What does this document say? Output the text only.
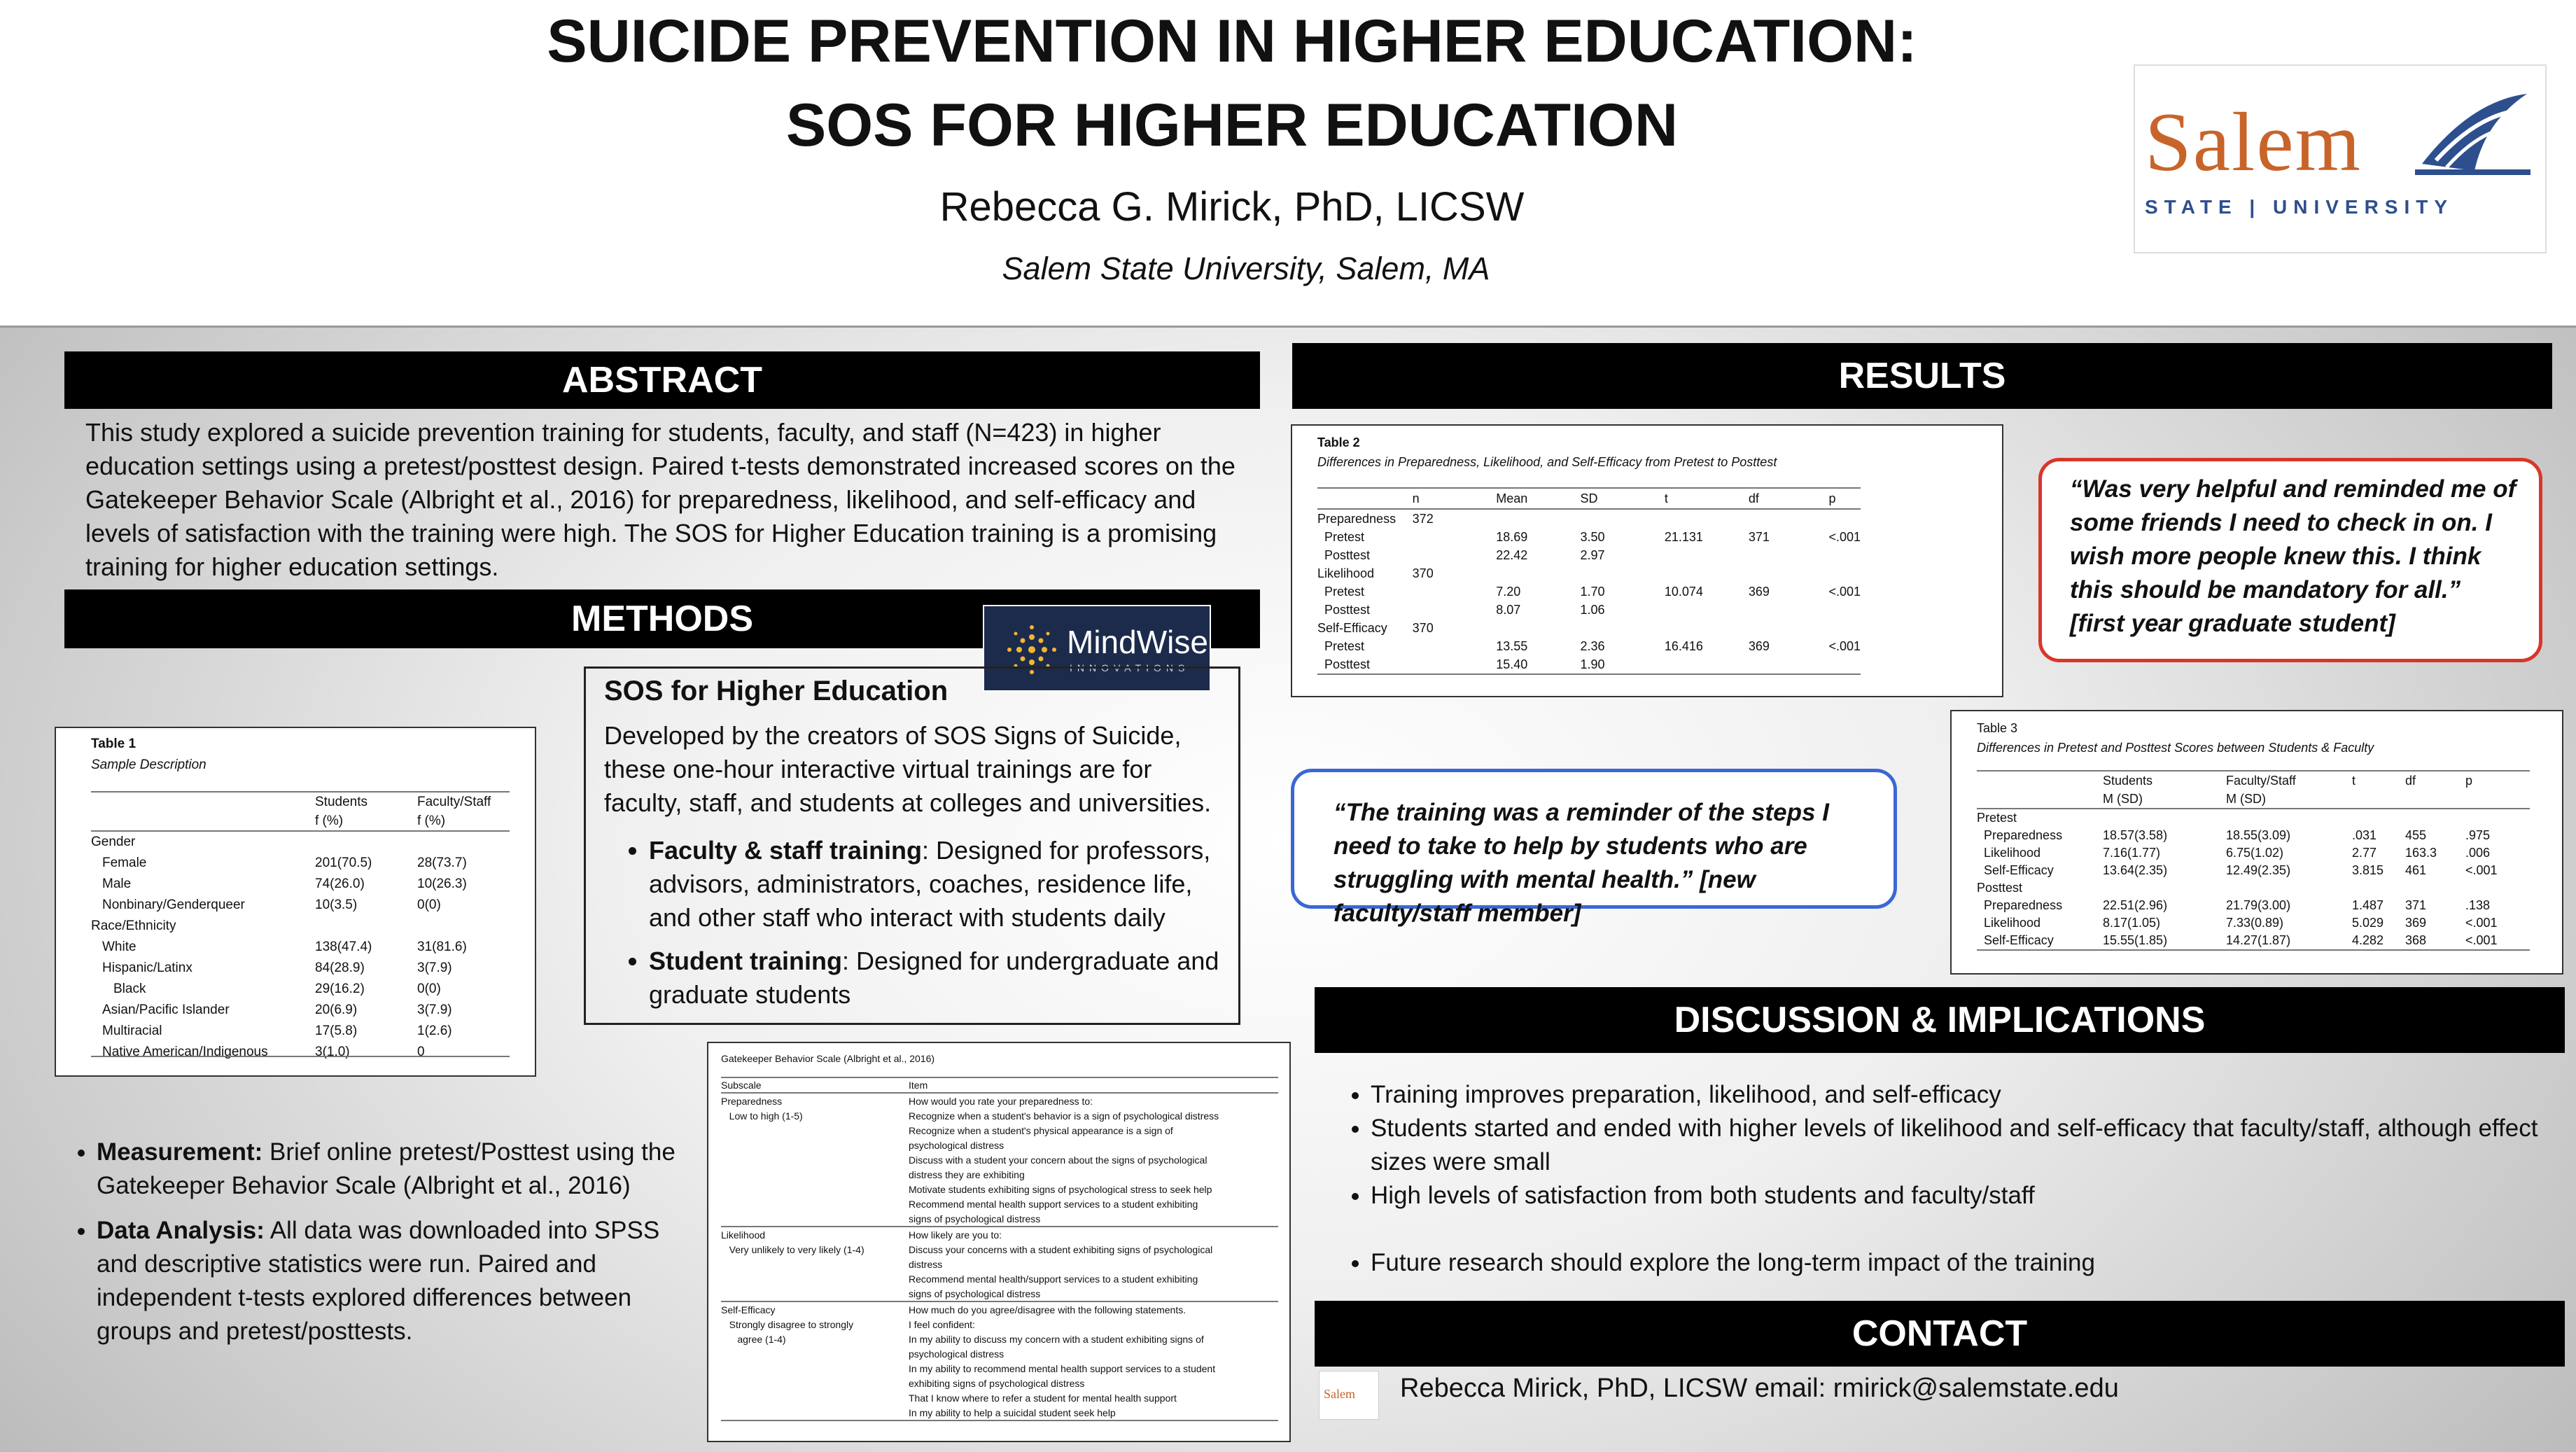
SUICIDE PREVENTION IN HIGHER EDUCATION:
SOS FOR HIGHER EDUCATION
Rebecca G. Mirick, PhD, LICSW
Salem State University, Salem, MA
Salem
STATE | UNIVERSITY
ABSTRACT
This study explored a suicide prevention training for students, faculty, and staff (N=423) in higher education settings using a pretest/posttest design. Paired t-tests demonstrated increased scores on the Gatekeeper Behavior Scale (Albright et al., 2016) for preparedness, likelihood, and self-efficacy and levels of satisfaction with the training were high. The SOS for Higher Education training is a promising training for higher education settings.
METHODS
MindWise
INNOVATIONS
SOS for Higher Education
Developed by the creators of SOS Signs of Suicide, these one-hour interactive virtual trainings are for faculty, staff, and students at colleges and universities.
• Faculty & staff training: Designed for professors, advisors, administrators, coaches, residence life, and other staff who interact with students daily
• Student training: Designed for undergraduate and graduate students
Table 1
Sample Description
	Students	Faculty/Staff
	f (%)	f (%)
Gender		
Female	201(70.5)	28(73.7)
Male	74(26.0)	10(26.3)
Nonbinary/Genderqueer	10(3.5)	0(0)
Race/Ethnicity		
White	138(47.4)	31(81.6)
Hispanic/Latinx	84(28.9)	3(7.9)
Black	29(16.2)	0(0)
Asian/Pacific Islander	20(6.9)	3(7.9)
Multiracial	17(5.8)	1(2.6)
Native American/Indigenous	3(1.0)	0
• Measurement: Brief online pretest/Posttest using the Gatekeeper Behavior Scale (Albright et al., 2016)
• Data Analysis: All data was downloaded into SPSS and descriptive statistics were run. Paired and independent t-tests explored differences between groups and pretest/posttests.
Gatekeeper Behavior Scale (Albright et al., 2016)
Subscale	Item
Preparedness	How would you rate your preparedness to:
Low to high (1-5)	Recognize when a student's behavior is a sign of psychological distress
	Recognize when a student's physical appearance is a sign of
	psychological distress
	Discuss with a student your concern about the signs of psychological
	distress they are exhibiting
	Motivate students exhibiting signs of psychological stress to seek help
	Recommend mental health support services to a student exhibiting
	signs of psychological distress
Likelihood	How likely are you to:
Very unlikely to very likely (1-4)	Discuss your concerns with a student exhibiting signs of psychological
	distress
	Recommend mental health/support services to a student exhibiting
	signs of psychological distress
Self-Efficacy	How much do you agree/disagree with the following statements.
Strongly disagree to strongly	I feel confident:
agree (1-4)	In my ability to discuss my concern with a student exhibiting signs of
	psychological distress
	In my ability to recommend mental health support services to a student
	exhibiting signs of psychological distress
	That I know where to refer a student for mental health support
	In my ability to help a suicidal student seek help
RESULTS
Table 2
Differences in Preparedness, Likelihood, and Self-Efficacy from Pretest to Posttest
	n	Mean	SD	t	df	p
Preparedness	372					
Pretest		18.69	3.50	21.131	371	<.001
Posttest		22.42	2.97			
Likelihood	370					
Pretest		7.20	1.70	10.074	369	<.001
Posttest		8.07	1.06			
Self-Efficacy	370					
Pretest		13.55	2.36	16.416	369	<.001
Posttest		15.40	1.90			
“Was very helpful and reminded me of some friends I need to check in on. I wish more people knew this. I think this should be mandatory for all.” [first year graduate student]
“The training was a reminder of the steps I need to take to help by students who are struggling with mental health.” [new faculty/staff member]
Table 3
Differences in Pretest and Posttest Scores between Students & Faculty
	Students	Faculty/Staff	t	df	p
	M (SD)	M (SD)			
Pretest					
Preparedness	18.57(3.58)	18.55(3.09)	.031	455	.975
Likelihood	7.16(1.77)	6.75(1.02)	2.77	163.3	.006
Self-Efficacy	13.64(2.35)	12.49(2.35)	3.815	461	<.001
Posttest					
Preparedness	22.51(2.96)	21.79(3.00)	1.487	371	.138
Likelihood	8.17(1.05)	7.33(0.89)	5.029	369	<.001
Self-Efficacy	15.55(1.85)	14.27(1.87)	4.282	368	<.001
DISCUSSION & IMPLICATIONS
• Training improves preparation, likelihood, and self-efficacy
• Students started and ended with higher levels of likelihood and self-efficacy that faculty/staff, although effect sizes were small
• High levels of satisfaction from both students and faculty/staff
• Future research should explore the long-term impact of the training
CONTACT
Salem Rebecca Mirick, PhD, LICSW email: rmirick@salemstate.edu
